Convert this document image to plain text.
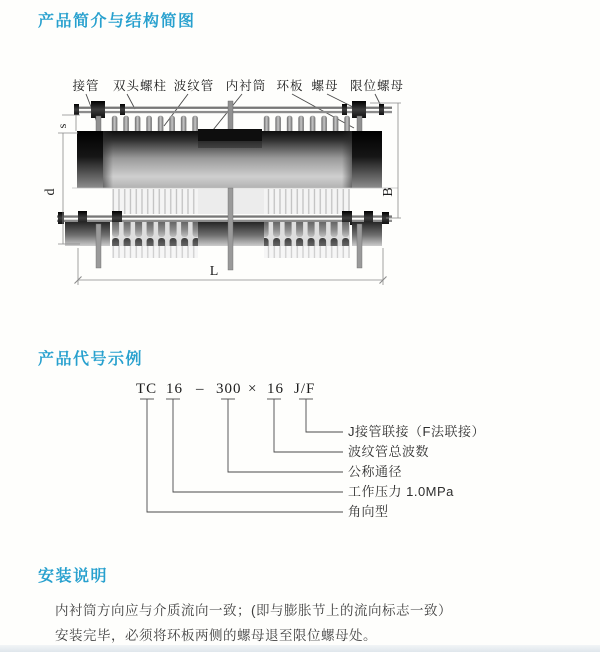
产品简介与结构简图
s
d	B
L
接管 双头螺柱 波纹管 内衬筒 环板 螺母 限位螺母
产品代号示例
TC 16 – 300 × 16 J/F
J接管联接（F法联接）
波纹管总波数
公称通径
工作压力 1.0MPa
角向型
安装说明

内衬筒方向应与介质流向一致；(即与膨胀节上的流向标志一致）

安装完毕，必须将环板两侧的螺母退至限位螺母处。
